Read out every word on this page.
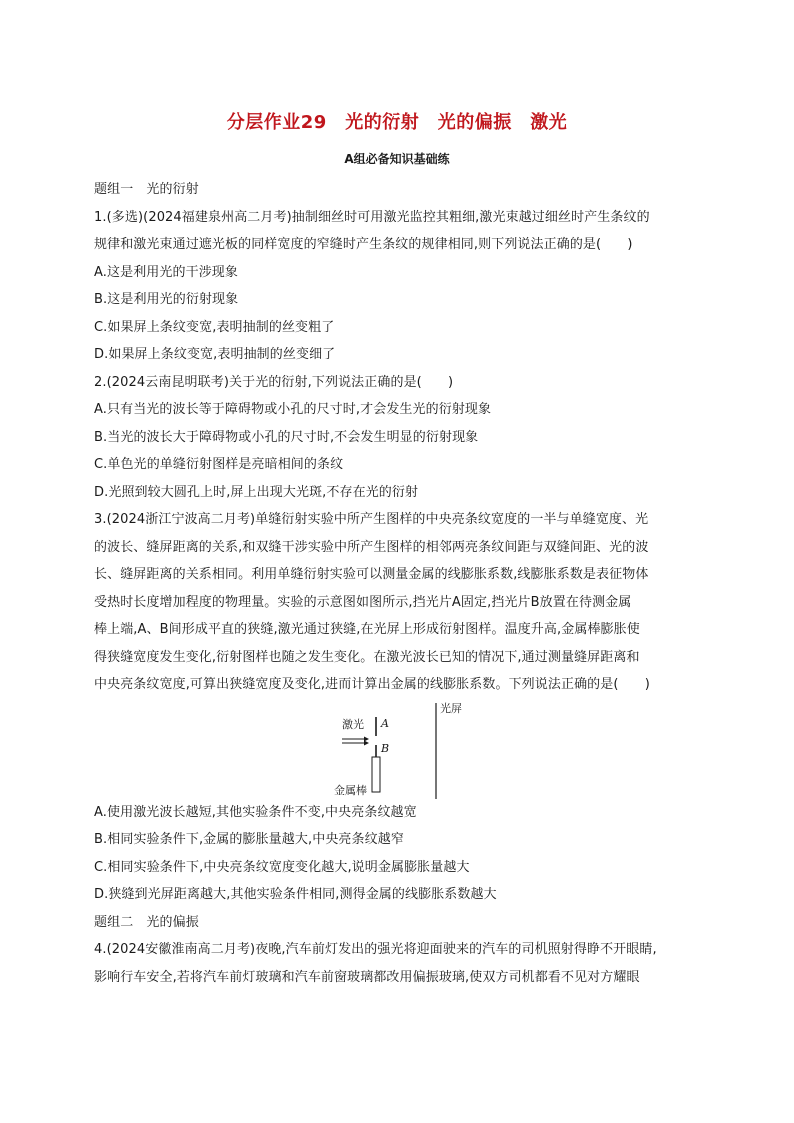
分层作业29　光的衍射　光的偏振　激光
A组必备知识基础练
题组一　光的衍射
1.(多选)(2024福建泉州高二月考)抽制细丝时可用激光监控其粗细,激光束越过细丝时产生条纹的
规律和激光束通过遮光板的同样宽度的窄缝时产生条纹的规律相同,则下列说法正确的是(　　)
A.这是利用光的干涉现象
B.这是利用光的衍射现象
C.如果屏上条纹变宽,表明抽制的丝变粗了
D.如果屏上条纹变宽,表明抽制的丝变细了
2.(2024云南昆明联考)关于光的衍射,下列说法正确的是(　　)
A.只有当光的波长等于障碍物或小孔的尺寸时,才会发生光的衍射现象
B.当光的波长大于障碍物或小孔的尺寸时,不会发生明显的衍射现象
C.单色光的单缝衍射图样是亮暗相间的条纹
D.光照到较大圆孔上时,屏上出现大光斑,不存在光的衍射
3.(2024浙江宁波高二月考)单缝衍射实验中所产生图样的中央亮条纹宽度的一半与单缝宽度、光
的波长、缝屏距离的关系,和双缝干涉实验中所产生图样的相邻两亮条纹间距与双缝间距、光的波
长、缝屏距离的关系相同。利用单缝衍射实验可以测量金属的线膨胀系数,线膨胀系数是表征物体
受热时长度增加程度的物理量。实验的示意图如图所示,挡光片A固定,挡光片B放置在待测金属
棒上端,A、B间形成平直的狭缝,激光通过狭缝,在光屏上形成衍射图样。温度升高,金属棒膨胀使
得狭缝宽度发生变化,衍射图样也随之发生变化。在激光波长已知的情况下,通过测量缝屏距离和
中央亮条纹宽度,可算出狭缝宽度及变化,进而计算出金属的线膨胀系数。下列说法正确的是(　　)
激光 A
B
金属棒
光屏
A.使用激光波长越短,其他实验条件不变,中央亮条纹越宽
B.相同实验条件下,金属的膨胀量越大,中央亮条纹越窄
C.相同实验条件下,中央亮条纹宽度变化越大,说明金属膨胀量越大
D.狭缝到光屏距离越大,其他实验条件相同,测得金属的线膨胀系数越大
题组二　光的偏振
4.(2024安徽淮南高二月考)夜晚,汽车前灯发出的强光将迎面驶来的汽车的司机照射得睁不开眼睛,
影响行车安全,若将汽车前灯玻璃和汽车前窗玻璃都改用偏振玻璃,使双方司机都看不见对方耀眼
